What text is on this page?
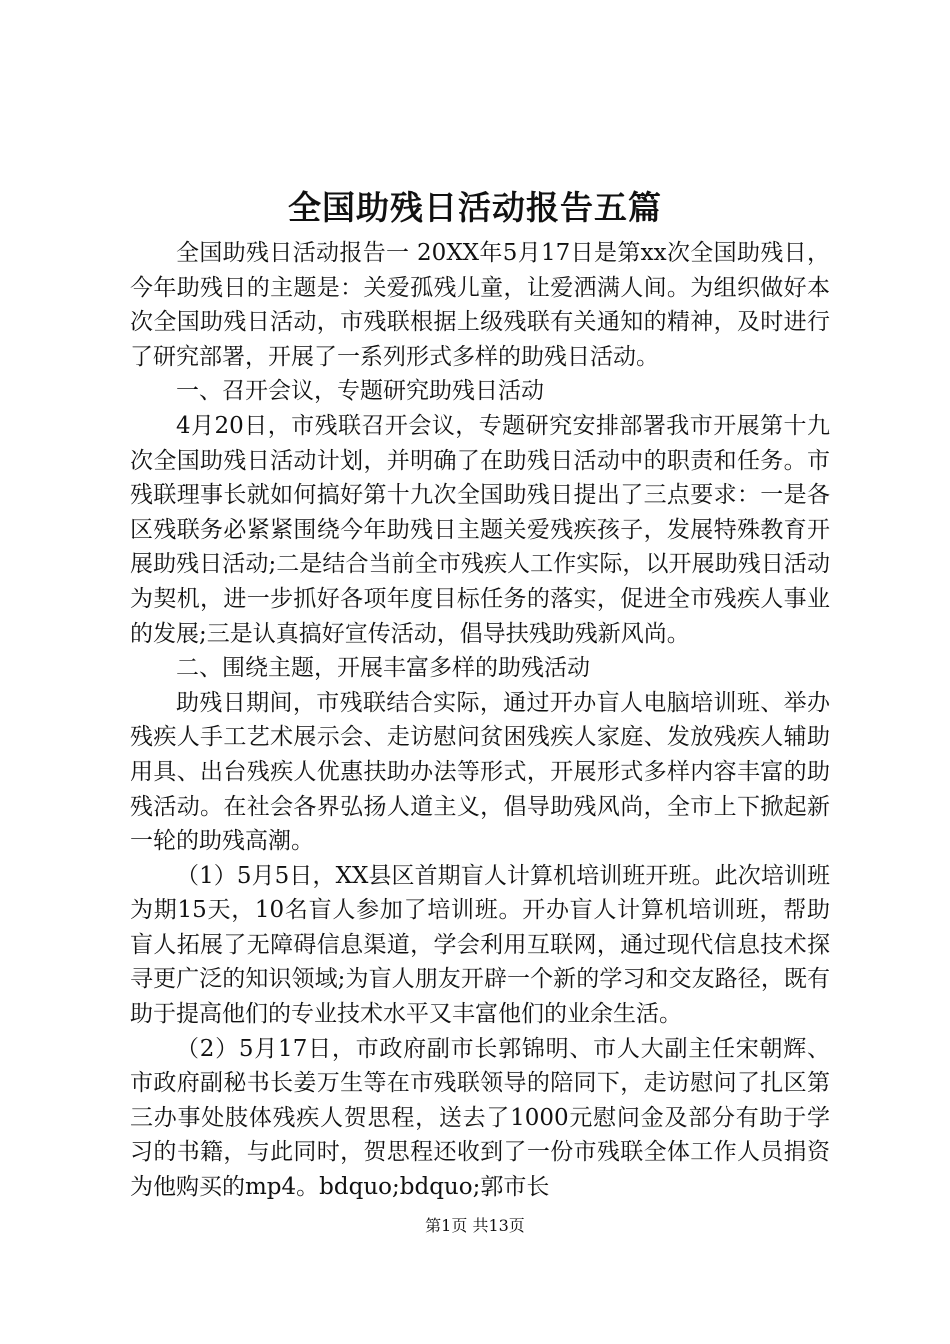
全国助残日活动报告五篇

全国助残日活动报告一 20XX年5月17日是第xx次全国助残日，今年助残日的主题是：关爱孤残儿童，让爱洒满人间。为组织做好本次全国助残日活动，市残联根据上级残联有关通知的精神，及时进行了研究部署，开展了一系列形式多样的助残日活动。

一、召开会议，专题研究助残日活动

4月20日，市残联召开会议，专题研究安排部署我市开展第十九次全国助残日活动计划，并明确了在助残日活动中的职责和任务。市残联理事长就如何搞好第十九次全国助残日提出了三点要求：一是各区残联务必紧紧围绕今年助残日主题关爱残疾孩子，发展特殊教育开展助残日活动;二是结合当前全市残疾人工作实际，以开展助残日活动为契机，进一步抓好各项年度目标任务的落实，促进全市残疾人事业的发展;三是认真搞好宣传活动，倡导扶残助残新风尚。

二、围绕主题，开展丰富多样的助残活动

助残日期间，市残联结合实际，通过开办盲人电脑培训班、举办残疾人手工艺术展示会、走访慰问贫困残疾人家庭、发放残疾人辅助用具、出台残疾人优惠扶助办法等形式，开展形式多样内容丰富的助残活动。在社会各界弘扬人道主义，倡导助残风尚，全市上下掀起新一轮的助残高潮。

（1）5月5日，XX县区首期盲人计算机培训班开班。此次培训班为期15天，10名盲人参加了培训班。开办盲人计算机培训班，帮助盲人拓展了无障碍信息渠道，学会利用互联网，通过现代信息技术探寻更广泛的知识领域;为盲人朋友开辟一个新的学习和交友路径，既有助于提高他们的专业技术水平又丰富他们的业余生活。

（2）5月17日，市政府副市长郭锦明、市人大副主任宋朝辉、市政府副秘书长姜万生等在市残联领导的陪同下，走访慰问了扎区第三办事处肢体残疾人贺思程，送去了1000元慰问金及部分有助于学习的书籍，与此同时，贺思程还收到了一份市残联全体工作人员捐资为他购买的mp4。bdquo;bdquo;郭市长

第1页 共13页
